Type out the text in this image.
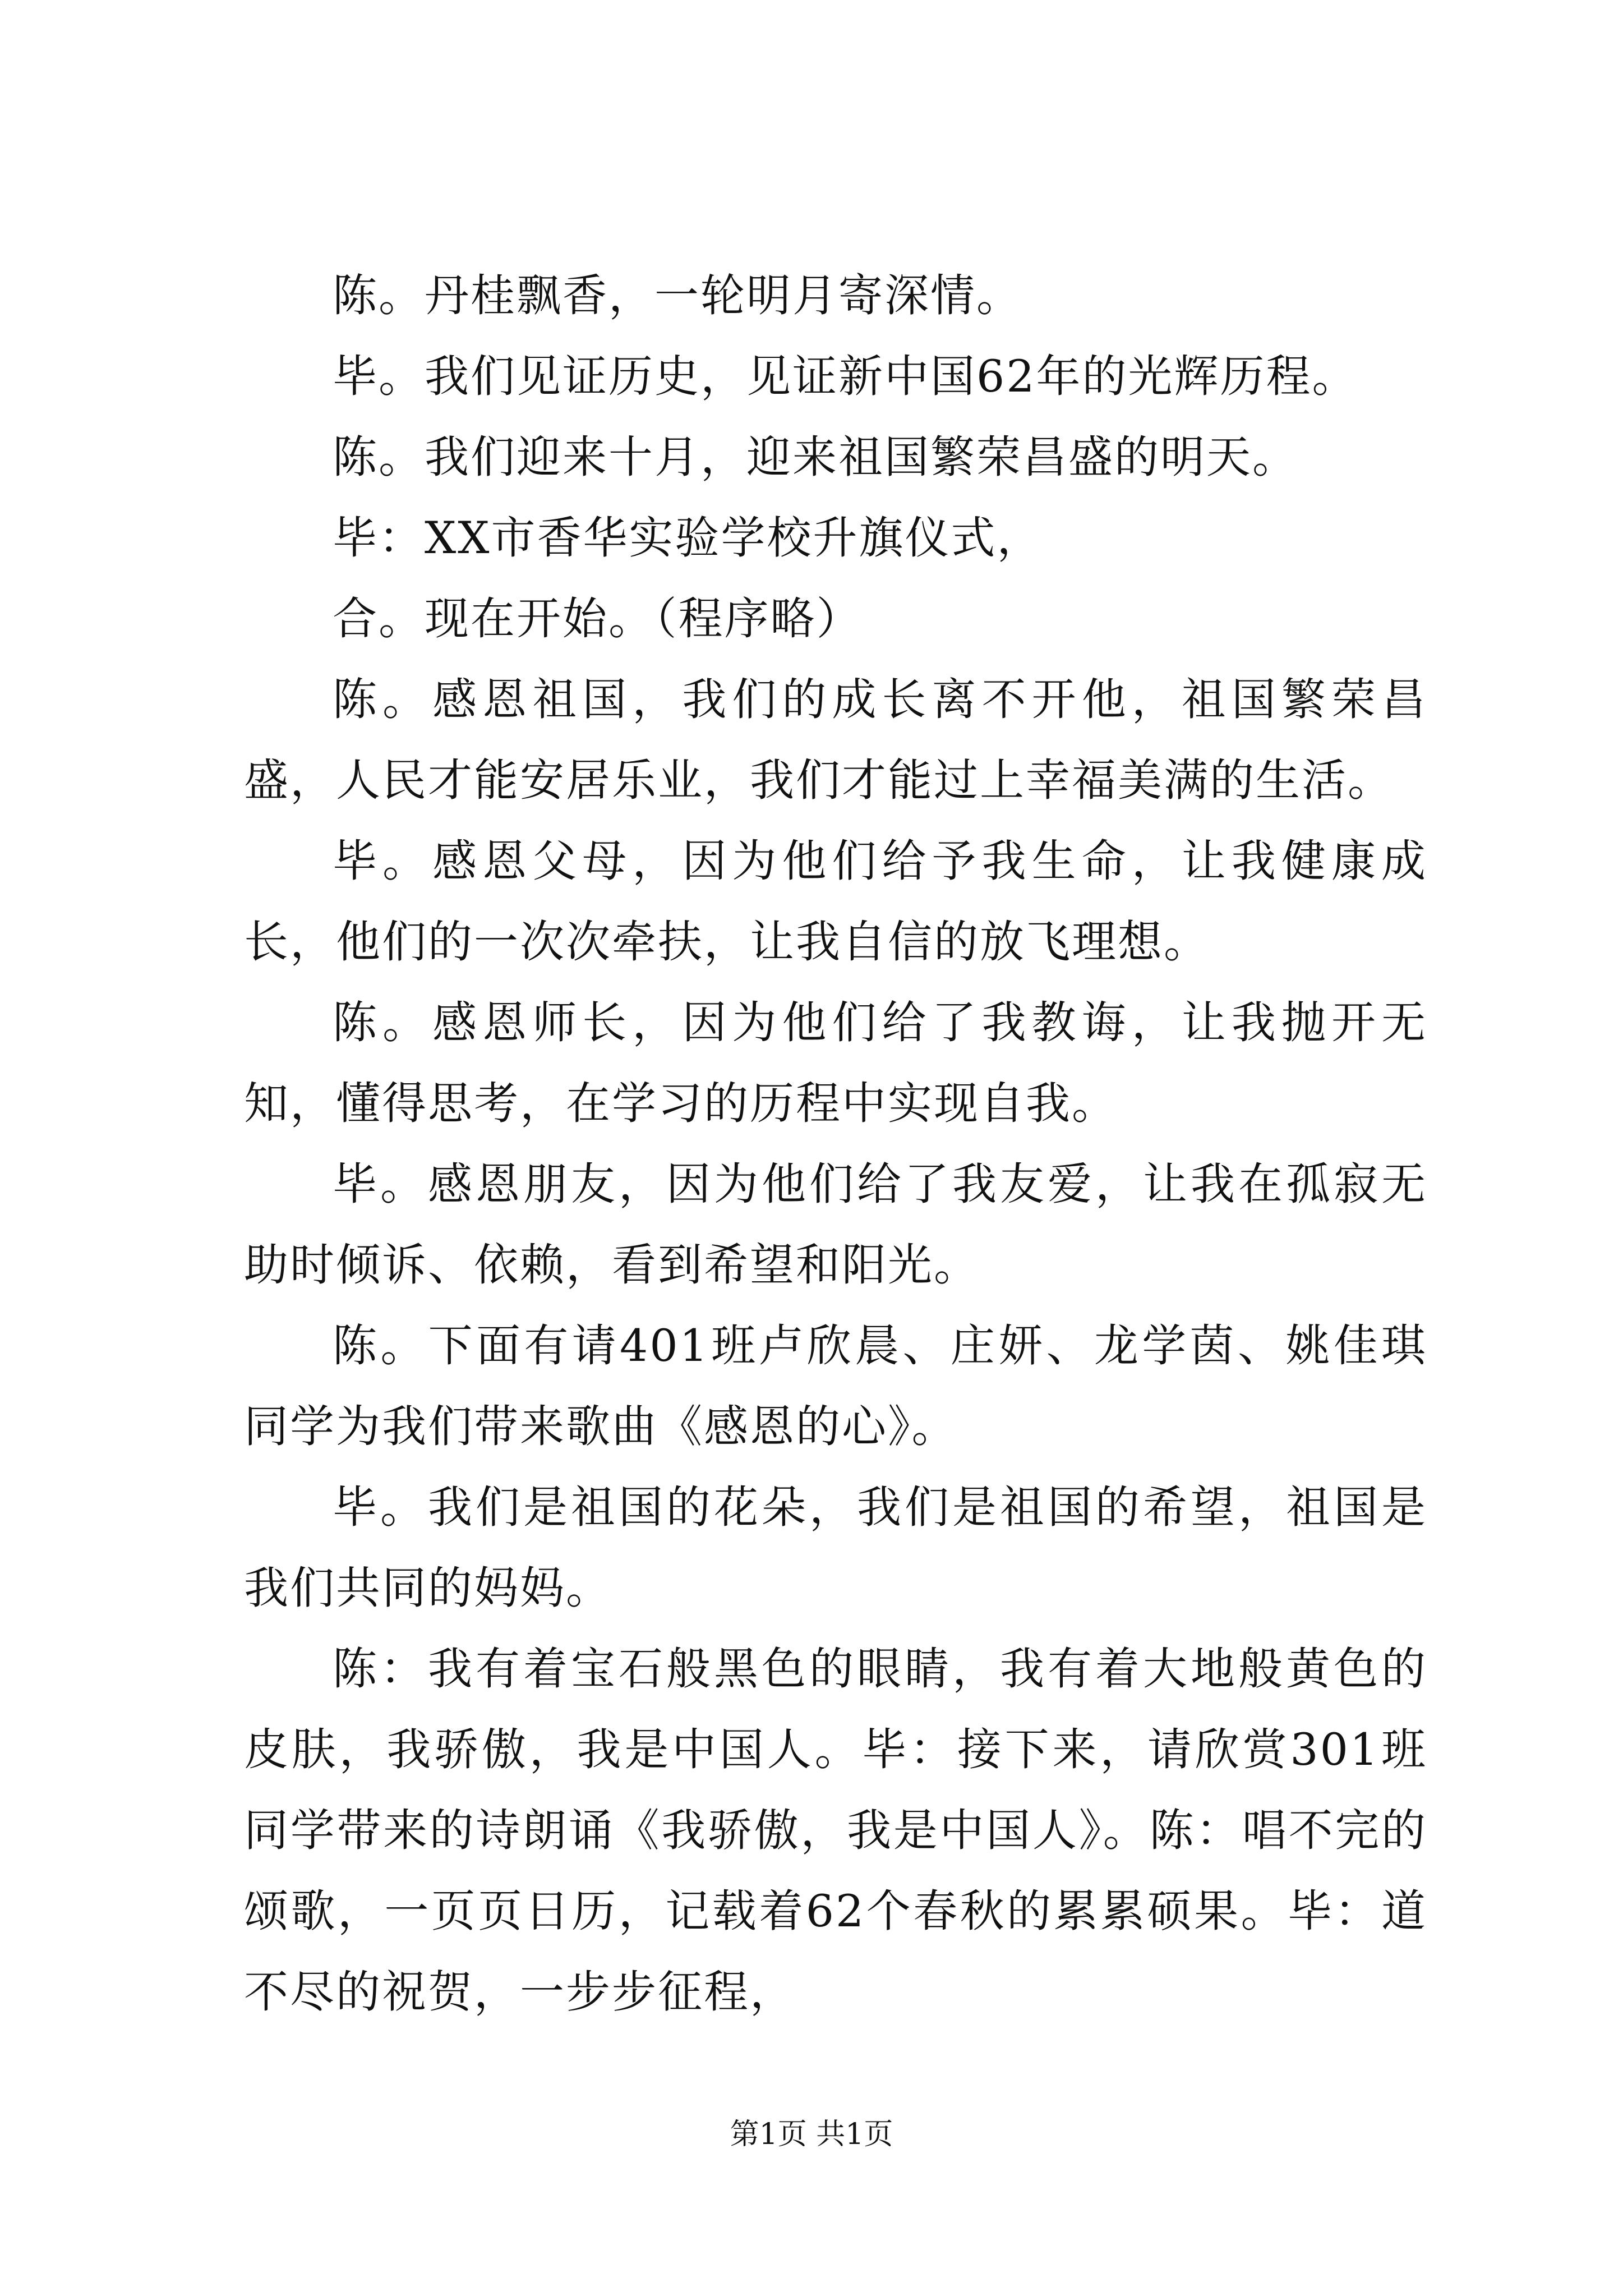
陈。丹桂飘香，一轮明月寄深情。

毕。我们见证历史，见证新中国62年的光辉历程。

陈。我们迎来十月，迎来祖国繁荣昌盛的明天。

毕：XX市香华实验学校升旗仪式，

合。现在开始。（程序略）

陈。感恩祖国，我们的成长离不开他，祖国繁荣昌盛，人民才能安居乐业，我们才能过上幸福美满的生活。

毕。感恩父母，因为他们给予我生命，让我健康成长，他们的一次次牵扶，让我自信的放飞理想。

陈。感恩师长，因为他们给了我教诲，让我抛开无知，懂得思考，在学习的历程中实现自我。

毕。感恩朋友，因为他们给了我友爱，让我在孤寂无助时倾诉、依赖，看到希望和阳光。

陈。下面有请401班卢欣晨、庄妍、龙学茵、姚佳琪同学为我们带来歌曲《感恩的心》。

毕。我们是祖国的花朵，我们是祖国的希望，祖国是我们共同的妈妈。

陈：我有着宝石般黑色的眼睛，我有着大地般黄色的皮肤，我骄傲，我是中国人。毕：接下来，请欣赏301班同学带来的诗朗诵《我骄傲，我是中国人》。陈：唱不完的颂歌，一页页日历，记载着62个春秋的累累硕果。毕：道不尽的祝贺，一步步征程，

第1页 共1页
